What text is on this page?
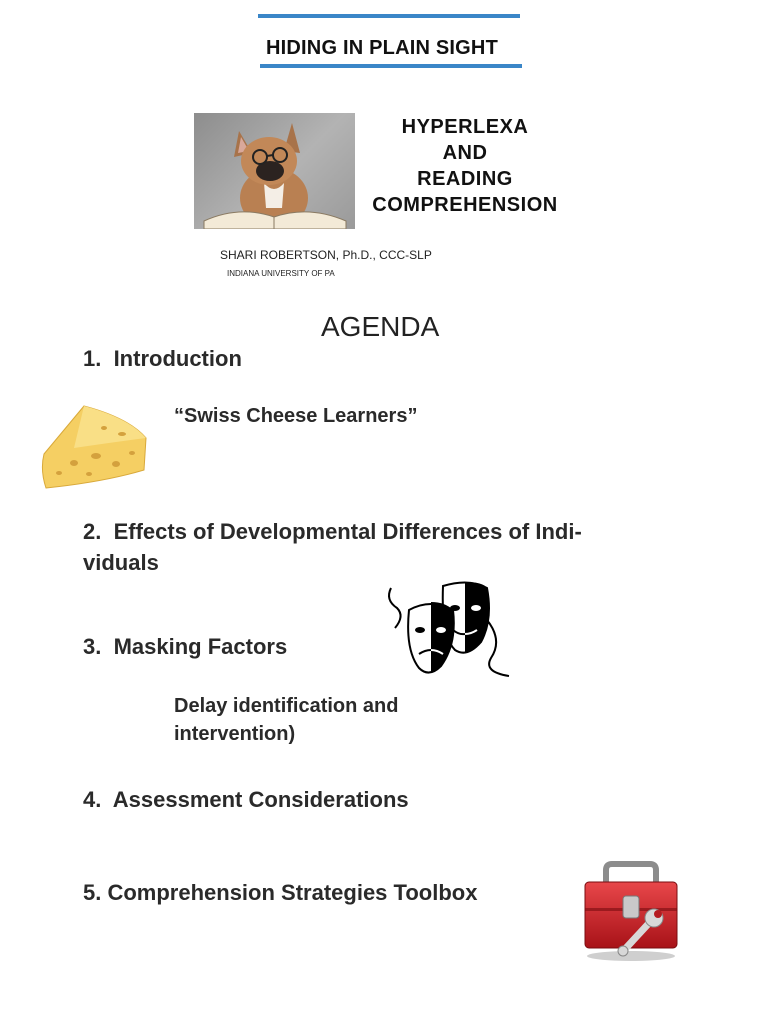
HIDING IN PLAIN SIGHT
HYPERLEXA
AND
READING
COMPREHENSION
SHARI ROBERTSON, Ph.D., CCC-SLP
INDIANA UNIVERSITY OF PA
AGENDA
1.  Introduction
“Swiss Cheese Learners”
2.  Effects of Developmental Differences of Indi-
viduals
3.  Masking Factors
Delay identification and
intervention)
4.  Assessment Considerations
5. Comprehension Strategies Toolbox
